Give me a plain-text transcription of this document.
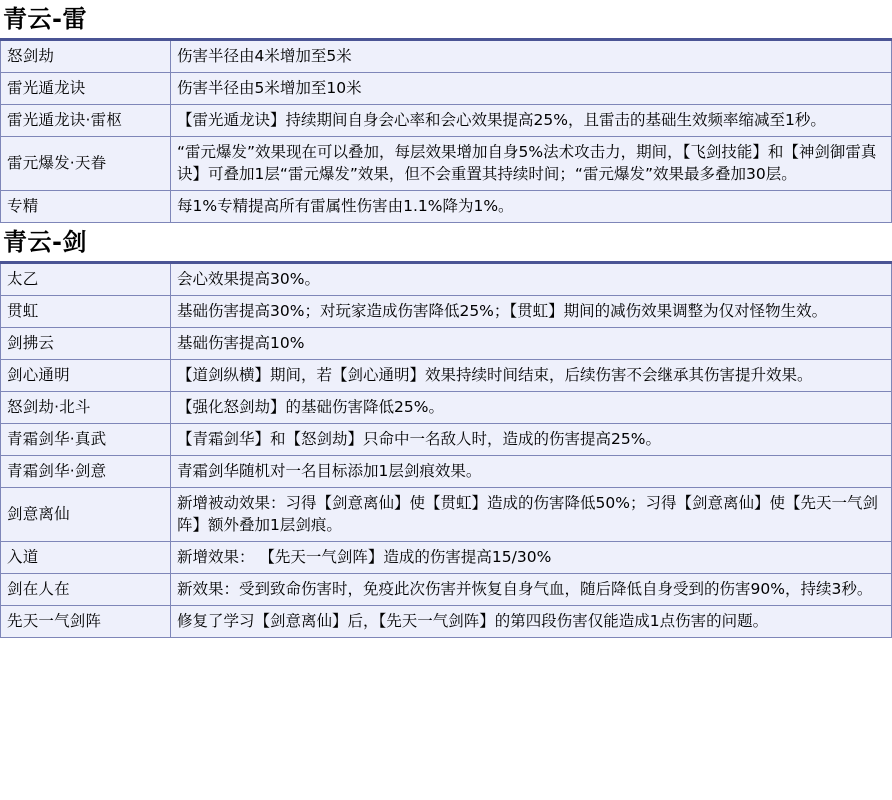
青云-雷	
怒剑劫	伤害半径由4米增加至5米
雷光遁龙诀	伤害半径由5米增加至10米
雷光遁龙诀·雷枢	【雷光遁龙诀】持续期间自身会心率和会心效果提高25%，且雷击的基础生效频率缩减至1秒。
雷元爆发·天眷	“雷元爆发”效果现在可以叠加，每层效果增加自身5%法术攻击力，期间，【飞剑技能】和【神剑御雷真诀】可叠加1层“雷元爆发”效果，但不会重置其持续时间；“雷元爆发”效果最多叠加30层。
专精	每1%专精提高所有雷属性伤害由1.1%降为1%。
青云-剑	
太乙	会心效果提高30%。
贯虹	基础伤害提高30%；对玩家造成伤害降低25%；【贯虹】期间的减伤效果调整为仅对怪物生效。
剑拂云	基础伤害提高10%
剑心通明	【道剑纵横】期间，若【剑心通明】效果持续时间结束，后续伤害不会继承其伤害提升效果。
怒剑劫·北斗	【强化怒剑劫】的基础伤害降低25%。
青霜剑华·真武	【青霜剑华】和【怒剑劫】只命中一名敌人时，造成的伤害提高25%。
青霜剑华·剑意	青霜剑华随机对一名目标添加1层剑痕效果。
剑意离仙	新增被动效果：习得【剑意离仙】使【贯虹】造成的伤害降低50%；习得【剑意离仙】使【先天一气剑阵】额外叠加1层剑痕。
入道	新增效果： 【先天一气剑阵】造成的伤害提高15/30%
剑在人在	新效果：受到致命伤害时，免疫此次伤害并恢复自身气血，随后降低自身受到的伤害90%，持续3秒。
先天一气剑阵	修复了学习【剑意离仙】后，【先天一气剑阵】的第四段伤害仅能造成1点伤害的问题。
